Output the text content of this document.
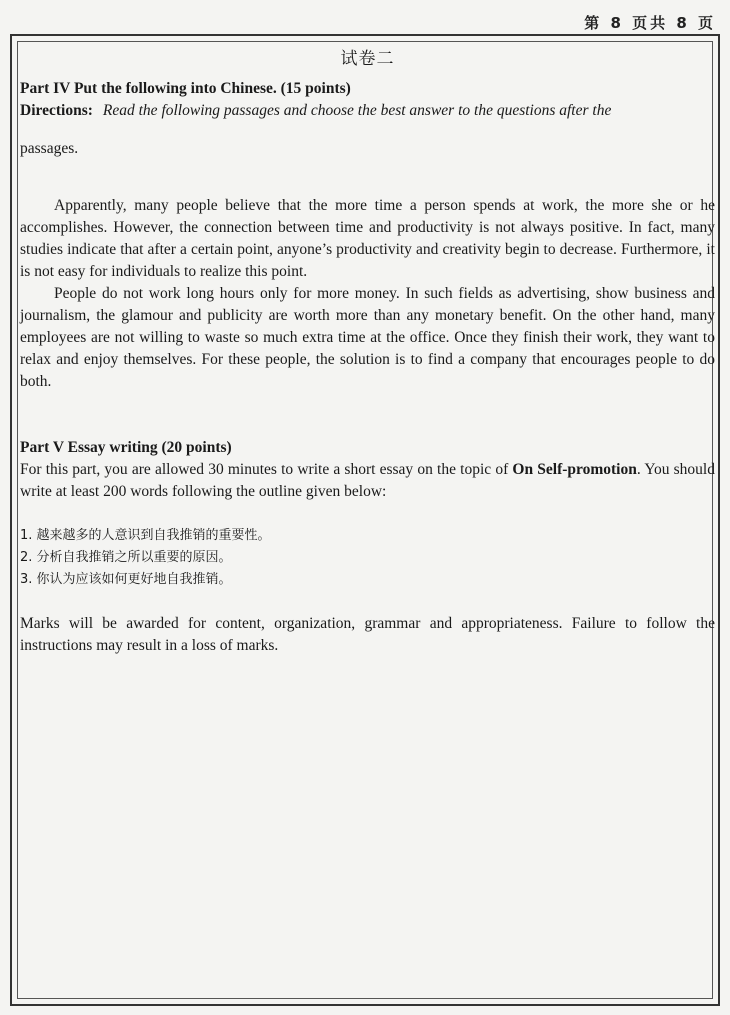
第 8 页共 8 页
试卷二

Part IV Put the following into Chinese. (15 points)

Directions: Read the following passages and choose the best answer to the questions after the

passages.

Apparently, many people believe that the more time a person spends at work, the more she or he accomplishes. However, the connection between time and productivity is not always positive. In fact, many studies indicate that after a certain point, anyone’s productivity and creativity begin to decrease. Furthermore, it is not easy for individuals to realize this point.

People do not work long hours only for more money. In such fields as advertising, show business and journalism, the glamour and publicity are worth more than any monetary benefit. On the other hand, many employees are not willing to waste so much extra time at the office. Once they finish their work, they want to relax and enjoy themselves. For these people, the solution is to find a company that encourages people to do both.

Part V Essay writing (20 points)

For this part, you are allowed 30 minutes to write a short essay on the topic of On Self-promotion. You should write at least 200 words following the outline given below:

1. 越来越多的人意识到自我推销的重要性。
2. 分析自我推销之所以重要的原因。
3. 你认为应该如何更好地自我推销。

Marks will be awarded for content, organization, grammar and appropriateness. Failure to follow the instructions may result in a loss of marks.
